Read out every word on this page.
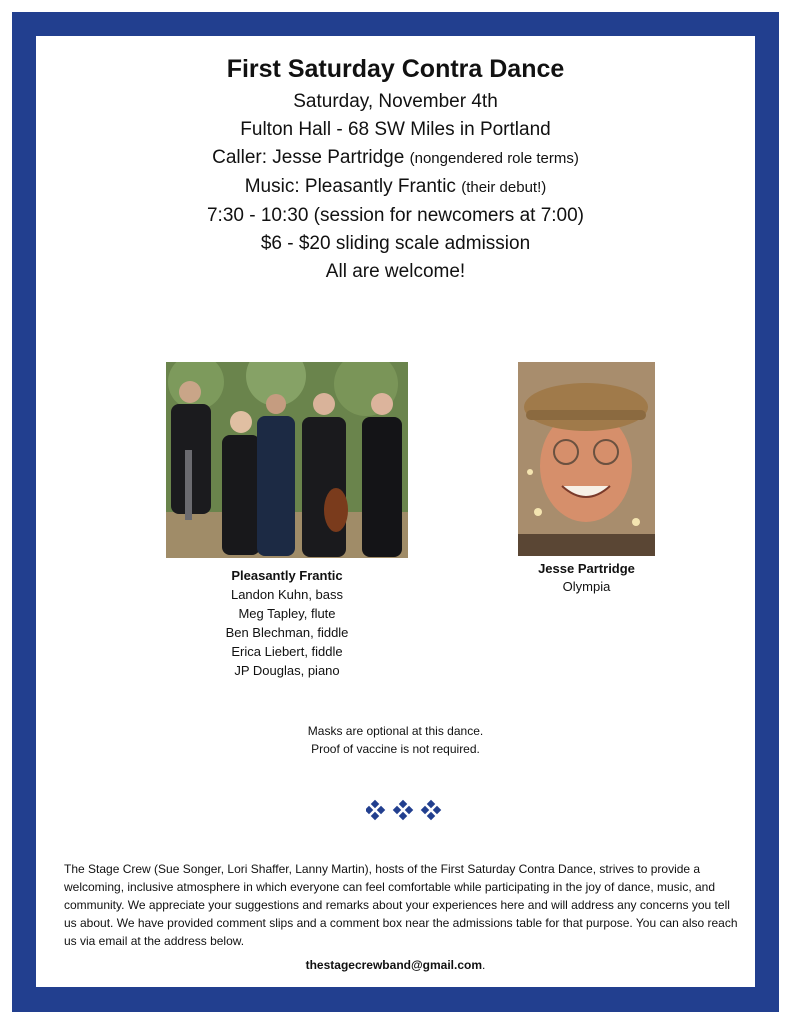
First Saturday Contra Dance
Saturday, November 4th
Fulton Hall - 68 SW Miles in Portland
Caller: Jesse Partridge (nongendered role terms)
Music: Pleasantly Frantic (their debut!)
7:30 - 10:30 (session for newcomers at 7:00)
$6 - $20 sliding scale admission
All are welcome!
Pleasantly Frantic
Landon Kuhn, bass
Meg Tapley, flute
Ben Blechman, fiddle
Erica Liebert, fiddle
JP Douglas, piano
Jesse Partridge
Olympia
Masks are optional at this dance.
Proof of vaccine is not required.
The Stage Crew (Sue Songer, Lori Shaffer, Lanny Martin), hosts of the First Saturday Contra Dance, strives to provide a welcoming, inclusive atmosphere in which everyone can feel comfortable while participating in the joy of dance, music, and community. We appreciate your suggestions and remarks about your experiences here and will address any concerns you tell us about. We have provided comment slips and a comment box near the admissions table for that purpose. You can also reach us via email at the address below.
thestagecrewband@gmail.com.
